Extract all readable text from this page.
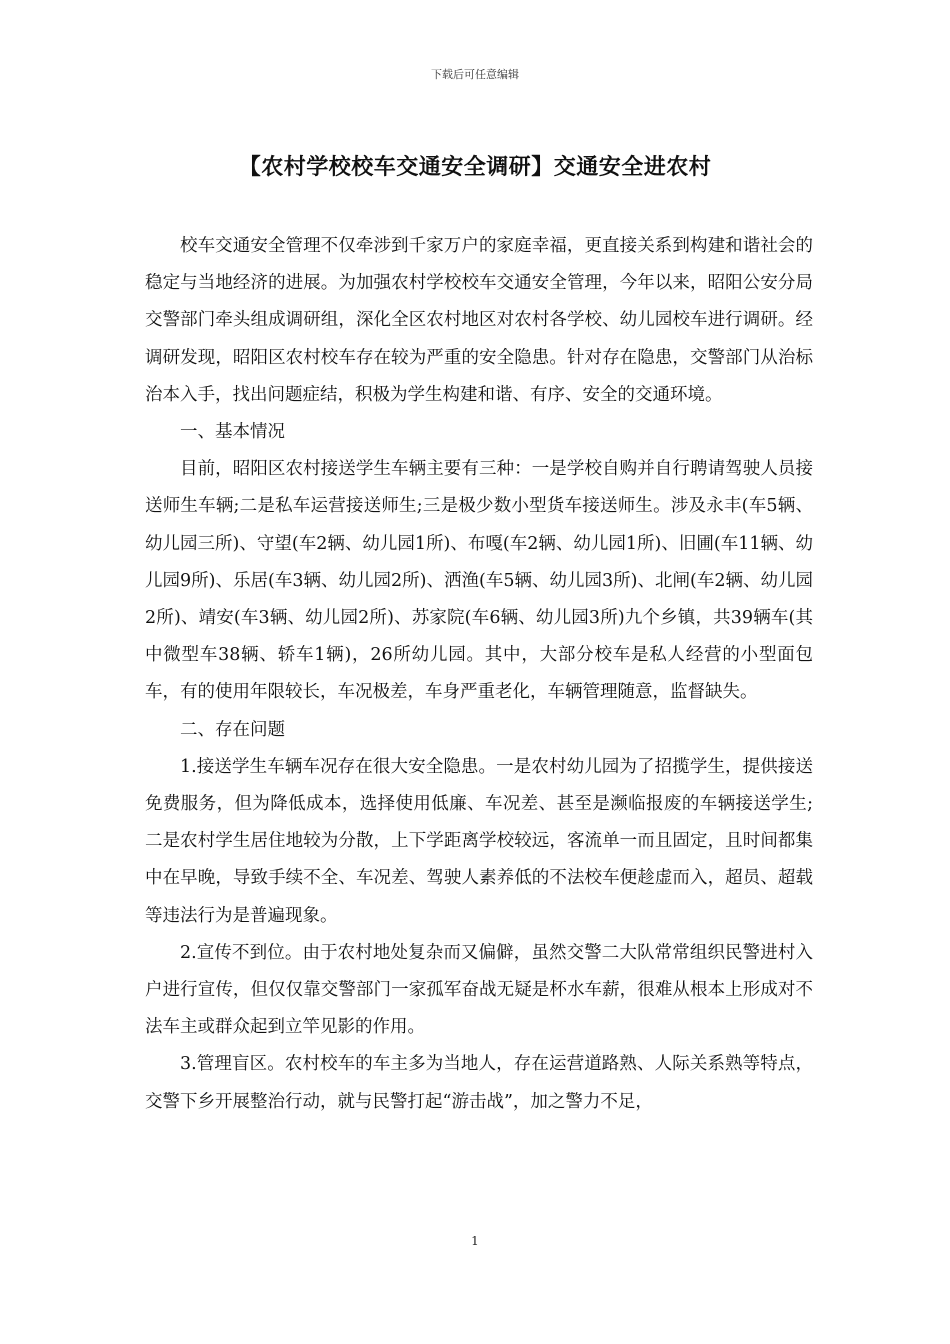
下载后可任意编辑
【农村学校校车交通安全调研】交通安全进农村

校车交通安全管理不仅牵涉到千家万户的家庭幸福，更直接关系到构建和谐社会的稳定与当地经济的进展。为加强农村学校校车交通安全管理，今年以来，昭阳公安分局交警部门牵头组成调研组，深化全区农村地区对农村各学校、幼儿园校车进行调研。经调研发现，昭阳区农村校车存在较为严重的安全隐患。针对存在隐患，交警部门从治标治本入手，找出问题症结，积极为学生构建和谐、有序、安全的交通环境。

一、基本情况

目前，昭阳区农村接送学生车辆主要有三种：一是学校自购并自行聘请驾驶人员接送师生车辆;二是私车运营接送师生;三是极少数小型货车接送师生。涉及永丰(车5辆、幼儿园三所)、守望(车2辆、幼儿园1所)、布嘎(车2辆、幼儿园1所)、旧圃(车11辆、幼儿园9所)、乐居(车3辆、幼儿园2所)、洒渔(车5辆、幼儿园3所)、北闸(车2辆、幼儿园2所)、靖安(车3辆、幼儿园2所)、苏家院(车6辆、幼儿园3所)九个乡镇，共39辆车(其中微型车38辆、轿车1辆)，26所幼儿园。其中，大部分校车是私人经营的小型面包车，有的使用年限较长，车况极差，车身严重老化，车辆管理随意，监督缺失。

二、存在问题

1.接送学生车辆车况存在很大安全隐患。一是农村幼儿园为了招揽学生，提供接送免费服务，但为降低成本，选择使用低廉、车况差、甚至是濒临报废的车辆接送学生;二是农村学生居住地较为分散，上下学距离学校较远，客流单一而且固定，且时间都集中在早晚，导致手续不全、车况差、驾驶人素养低的不法校车便趁虚而入，超员、超载等违法行为是普遍现象。

2.宣传不到位。由于农村地处复杂而又偏僻，虽然交警二大队常常组织民警进村入户进行宣传，但仅仅靠交警部门一家孤军奋战无疑是杯水车薪，很难从根本上形成对不法车主或群众起到立竿见影的作用。

3.管理盲区。农村校车的车主多为当地人，存在运营道路熟、人际关系熟等特点，交警下乡开展整治行动，就与民警打起“游击战”，加之警力不足，

1
